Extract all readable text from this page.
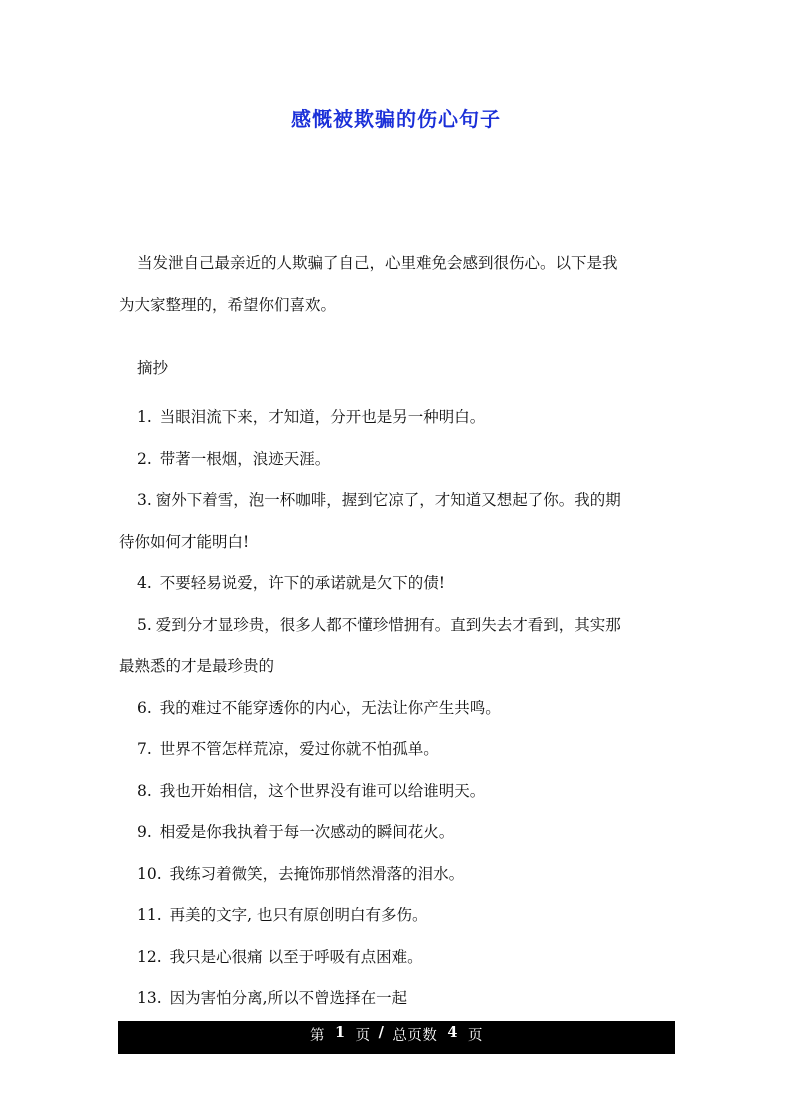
感慨被欺骗的伤心句子

当发泄自己最亲近的人欺骗了自己，心里难免会感到很伤心。以下是我
为大家整理的，希望你们喜欢。

摘抄
1. 当眼泪流下来，才知道，分开也是另一种明白。
2. 带著一根烟，浪迹天涯。
3. 窗外下着雪，泡一杯咖啡，握到它凉了，才知道又想起了你。我的期
待你如何才能明白!
4. 不要轻易说爱，许下的承诺就是欠下的债!
5. 爱到分才显珍贵，很多人都不懂珍惜拥有。直到失去才看到，其实那
最熟悉的才是最珍贵的
6. 我的难过不能穿透你的内心，无法让你产生共鸣。
7. 世界不管怎样荒凉，爱过你就不怕孤单。
8. 我也开始相信，这个世界没有谁可以给谁明天。
9. 相爱是你我执着于每一次感动的瞬间花火。
10. 我练习着微笑，去掩饰那悄然滑落的泪水。
11. 再美的文字, 也只有原创明白有多伤。
12. 我只是心很痛 以至于呼吸有点困难。
13. 因为害怕分离,所以不曾选择在一起
第 1 页 / 总页数 4 页
